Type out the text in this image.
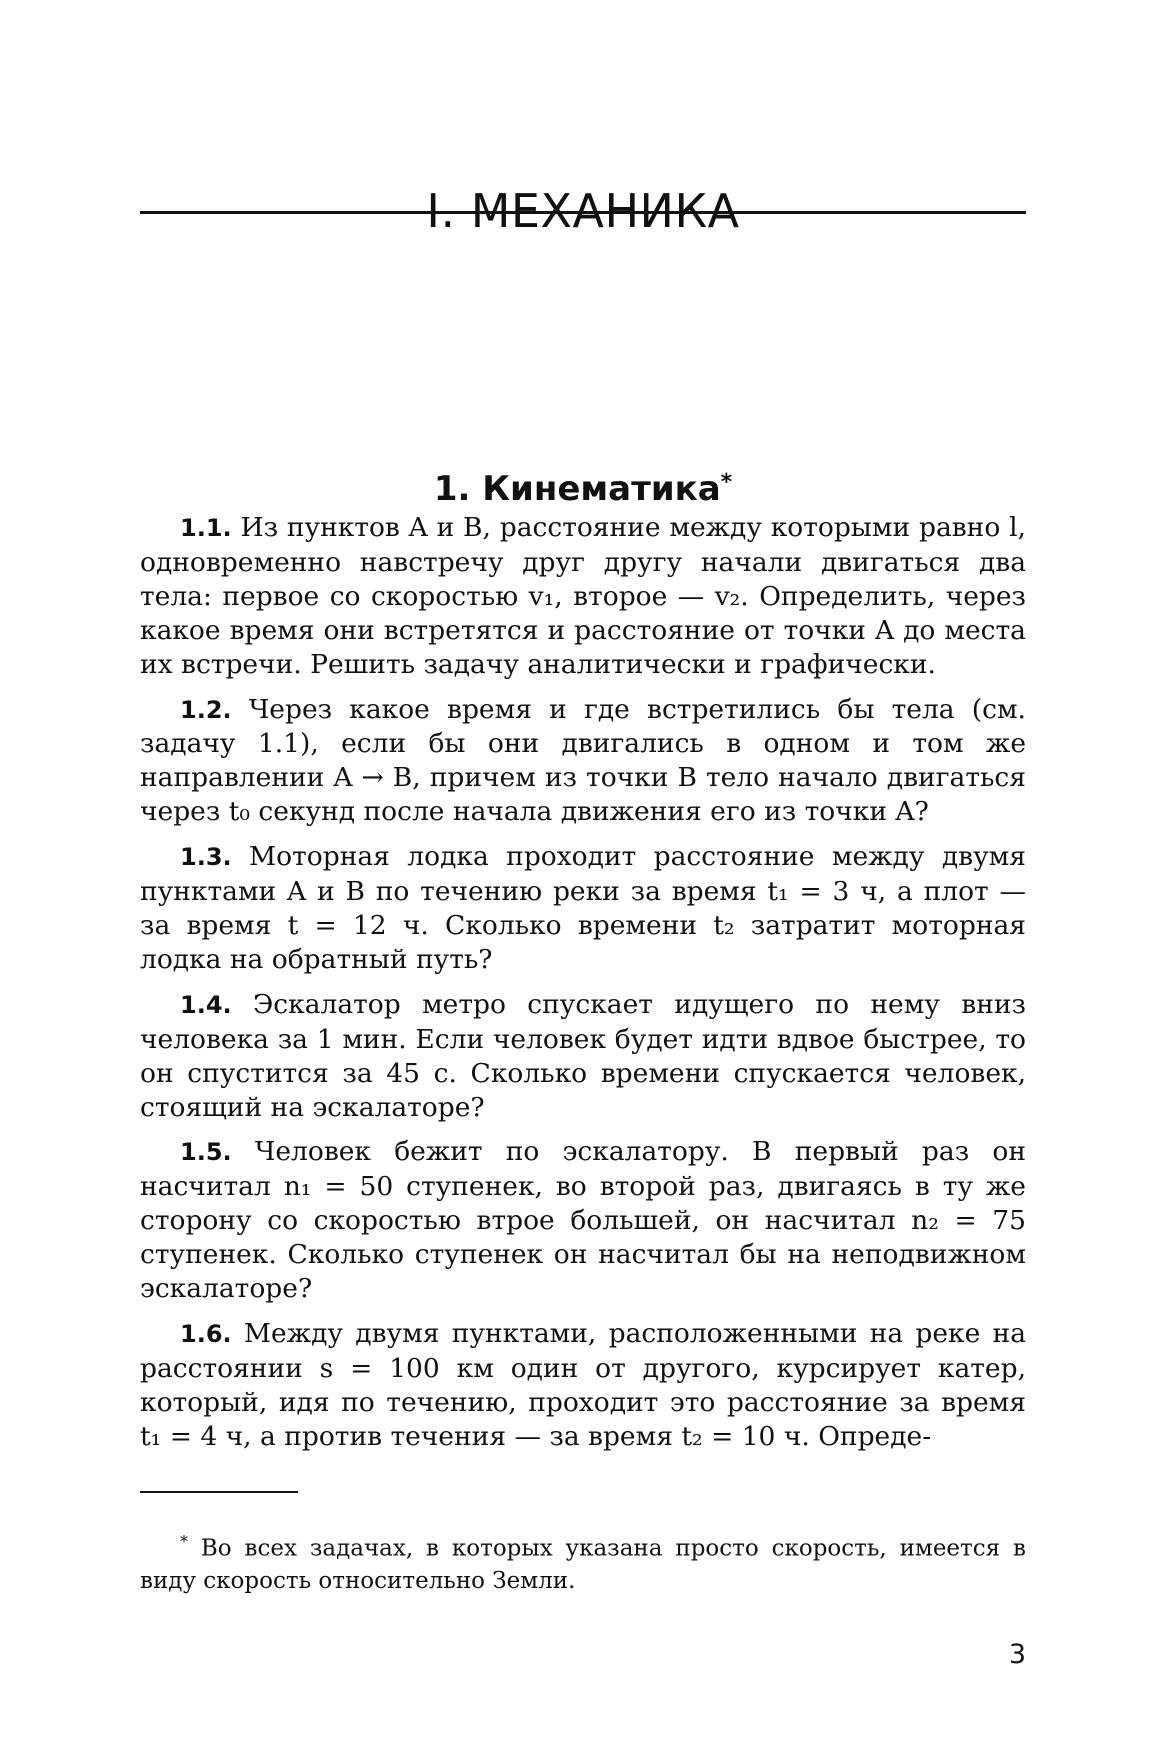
I. МЕХАНИКА
1. Кинематика*

1.1. Из пунктов A и B, расстояние между которыми равно l, одновременно навстречу друг другу начали двигаться два тела: первое со скоростью v₁, второе — v₂. Определить, через какое время они встретятся и расстояние от точки A до места их встречи. Решить задачу аналитически и графически.

1.2. Через какое время и где встретились бы тела (см. задачу 1.1), если бы они двигались в одном и том же направлении A → B, причем из точки B тело начало двигаться через t₀ секунд после начала движения его из точки A?

1.3. Моторная лодка проходит расстояние между двумя пунктами A и B по течению реки за время t₁ = 3 ч, а плот — за время t = 12 ч. Сколько времени t₂ затратит моторная лодка на обратный путь?

1.4. Эскалатор метро спускает идущего по нему вниз человека за 1 мин. Если человек будет идти вдвое быстрее, то он спустится за 45 с. Сколько времени спускается человек, стоящий на эскалаторе?

1.5. Человек бежит по эскалатору. В первый раз он насчитал n₁ = 50 ступенек, во второй раз, двигаясь в ту же сторону со скоростью втрое большей, он насчитал n₂ = 75 ступенек. Сколько ступенек он насчитал бы на неподвижном эскалаторе?

1.6. Между двумя пунктами, расположенными на реке на расстоянии s = 100 км один от другого, курсирует катер, который, идя по течению, проходит это расстояние за время t₁ = 4 ч, а против течения — за время t₂ = 10 ч. Опреде-

* Во всех задачах, в которых указана просто скорость, имеется в виду скорость относительно Земли.

3
